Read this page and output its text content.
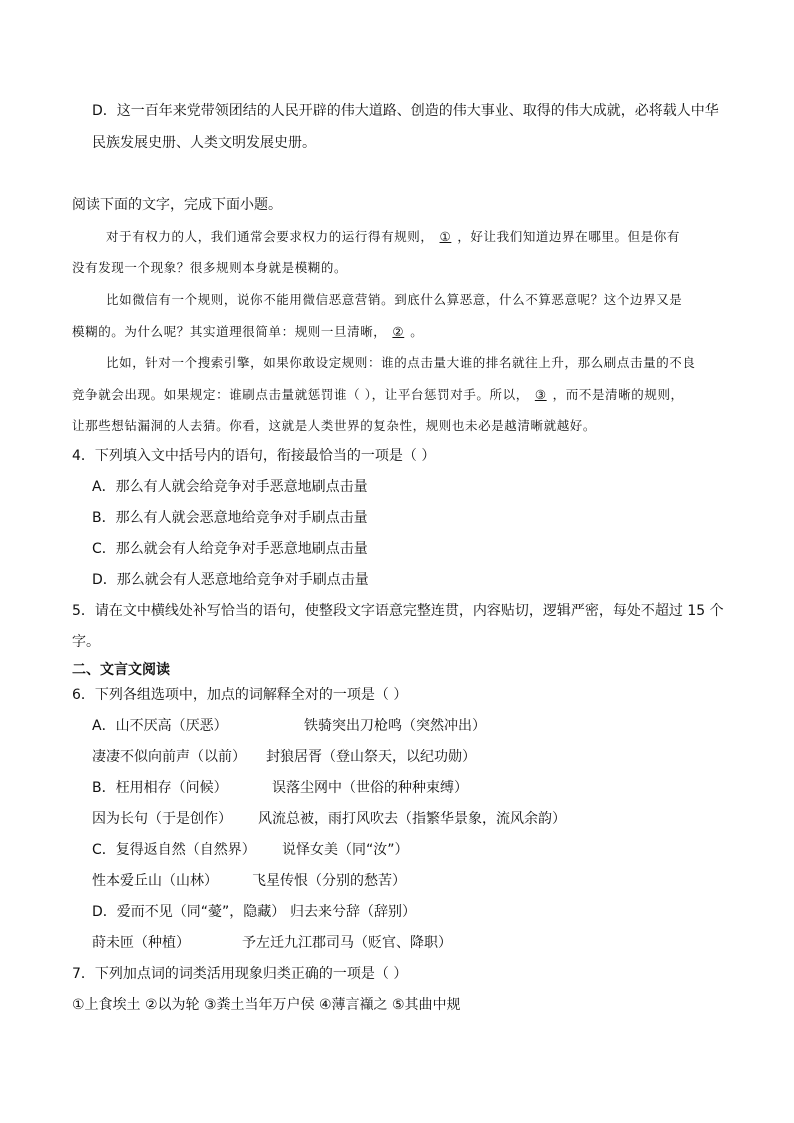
D．这一百年来党带领团结的人民开辟的伟大道路、创造的伟大事业、取得的伟大成就，必将载人中华
民族发展史册、人类文明发展史册。
阅读下面的文字，完成下面小题。
对于有权力的人，我们通常会要求权力的运行得有规则， ① ，好让我们知道边界在哪里。但是你有
没有发现一个现象？很多规则本身就是模糊的。
比如微信有一个规则，说你不能用微信恶意营销。到底什么算恶意，什么不算恶意呢？这个边界又是
模糊的。为什么呢？其实道理很简单：规则一旦清晰， ② 。
比如，针对一个搜索引擎，如果你敢设定规则：谁的点击量大谁的排名就往上升，那么刷点击量的不良
竞争就会出现。如果规定：谁刷点击量就惩罚谁（ ），让平台惩罚对手。所以， ③ ，而不是清晰的规则，
让那些想钻漏洞的人去猜。你看，这就是人类世界的复杂性，规则也未必是越清晰就越好。
4．下列填入文中括号内的语句，衔接最恰当的一项是（ ）
A．那么有人就会给竞争对手恶意地刷点击量
B．那么有人就会恶意地给竞争对手刷点击量
C．那么就会有人给竞争对手恶意地刷点击量
D．那么就会有人恶意地给竞争对手刷点击量
5．请在文中横线处补写恰当的语句，使整段文字语意完整连贯，内容贴切，逻辑严密，每处不超过 15 个
字。
二、文言文阅读
6．下列各组选项中，加点的词解释全对的一项是（ ）
A．山不厌高（厌恶）	铁骑突出刀枪鸣（突然冲出）
凄凄不似向前声（以前） 封狼居胥（登山祭天，以纪功勋）
B．枉用相存（问候）	误落尘网中（世俗的种种束缚）
因为长句（于是创作） 风流总被，雨打风吹去（指繁华景象，流风余韵）
C．复得返自然（自然界） 说怿女美（同“汝”）
性本爱丘山（山林） 飞星传恨（分别的愁苦）
D．爱而不见（同“薆”，隐藏） 归去来兮辞（辞别）
莳未匝（种植）	予左迁九江郡司马（贬官、降职）
7．下列加点词的词类活用现象归类正确的一项是（ ）
①上食埃土 ②以为轮 ③粪土当年万户侯 ④薄言襭之 ⑤其曲中规
